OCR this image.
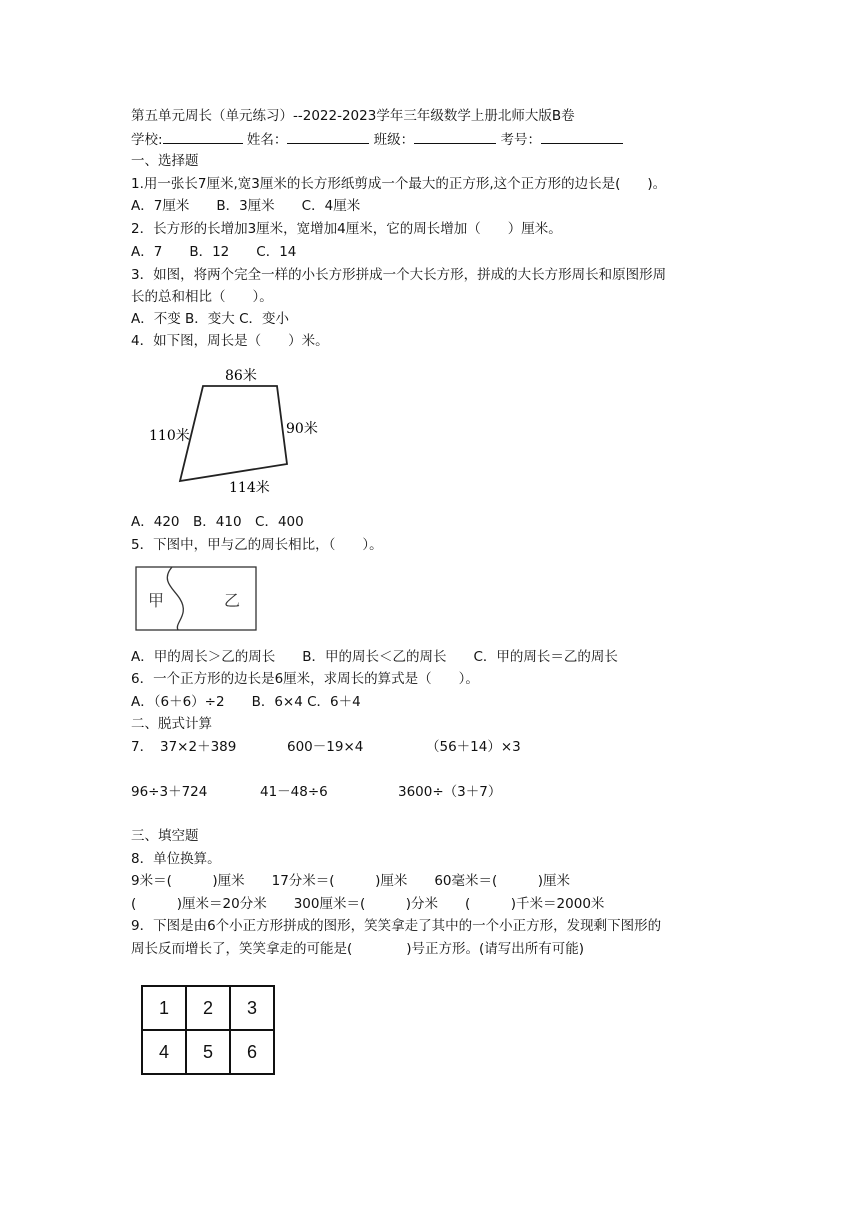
第五单元周长（单元练习）--2022-2023学年三年级数学上册北师大版B卷
学校:	姓名：	班级：	考号：
一、选择题
1.用一张长7厘米,宽3厘米的长方形纸剪成一个最大的正方形,这个正方形的边长是(　　)。
A．7厘米　　B．3厘米　　C．4厘米
2．长方形的长增加3厘米，宽增加4厘米，它的周长增加（　　）厘米。
A．7　　B．12　　C．14
3．如图，将两个完全一样的小长方形拼成一个大长方形，拼成的大长方形周长和原图形周
长的总和相比（　　）。
A．不变 B．变大 C．变小
4．如下图，周长是（　　）米。
86米
110米	90米
114米
A．420　B．410　C．400
5．下图中，甲与乙的周长相比，（　　）。
甲	乙
A．甲的周长＞乙的周长　　B．甲的周长＜乙的周长　　C．甲的周长＝乙的周长
6．一个正方形的边长是6厘米，求周长的算式是（　　）。
A．（6＋6）÷2　　B．6×4 C．6＋4
二、脱式计算
7． 37×2＋389	600－19×4	（56＋14）×3
96÷3＋724	41－48÷6	3600÷（3＋7）
三、填空题
8．单位换算。
9米＝(　　　)厘米　　17分米＝(　　　)厘米　　60毫米＝(　　　)厘米
(　　　)厘米＝20分米　　300厘米＝(　　　)分米　　(　　　)千米＝2000米
9．下图是由6个小正方形拼成的图形，笑笑拿走了其中的一个小正方形，发现剩下图形的
周长反而增长了，笑笑拿走的可能是(　　　　)号正方形。(请写出所有可能)
1	2	3
4	5	6
